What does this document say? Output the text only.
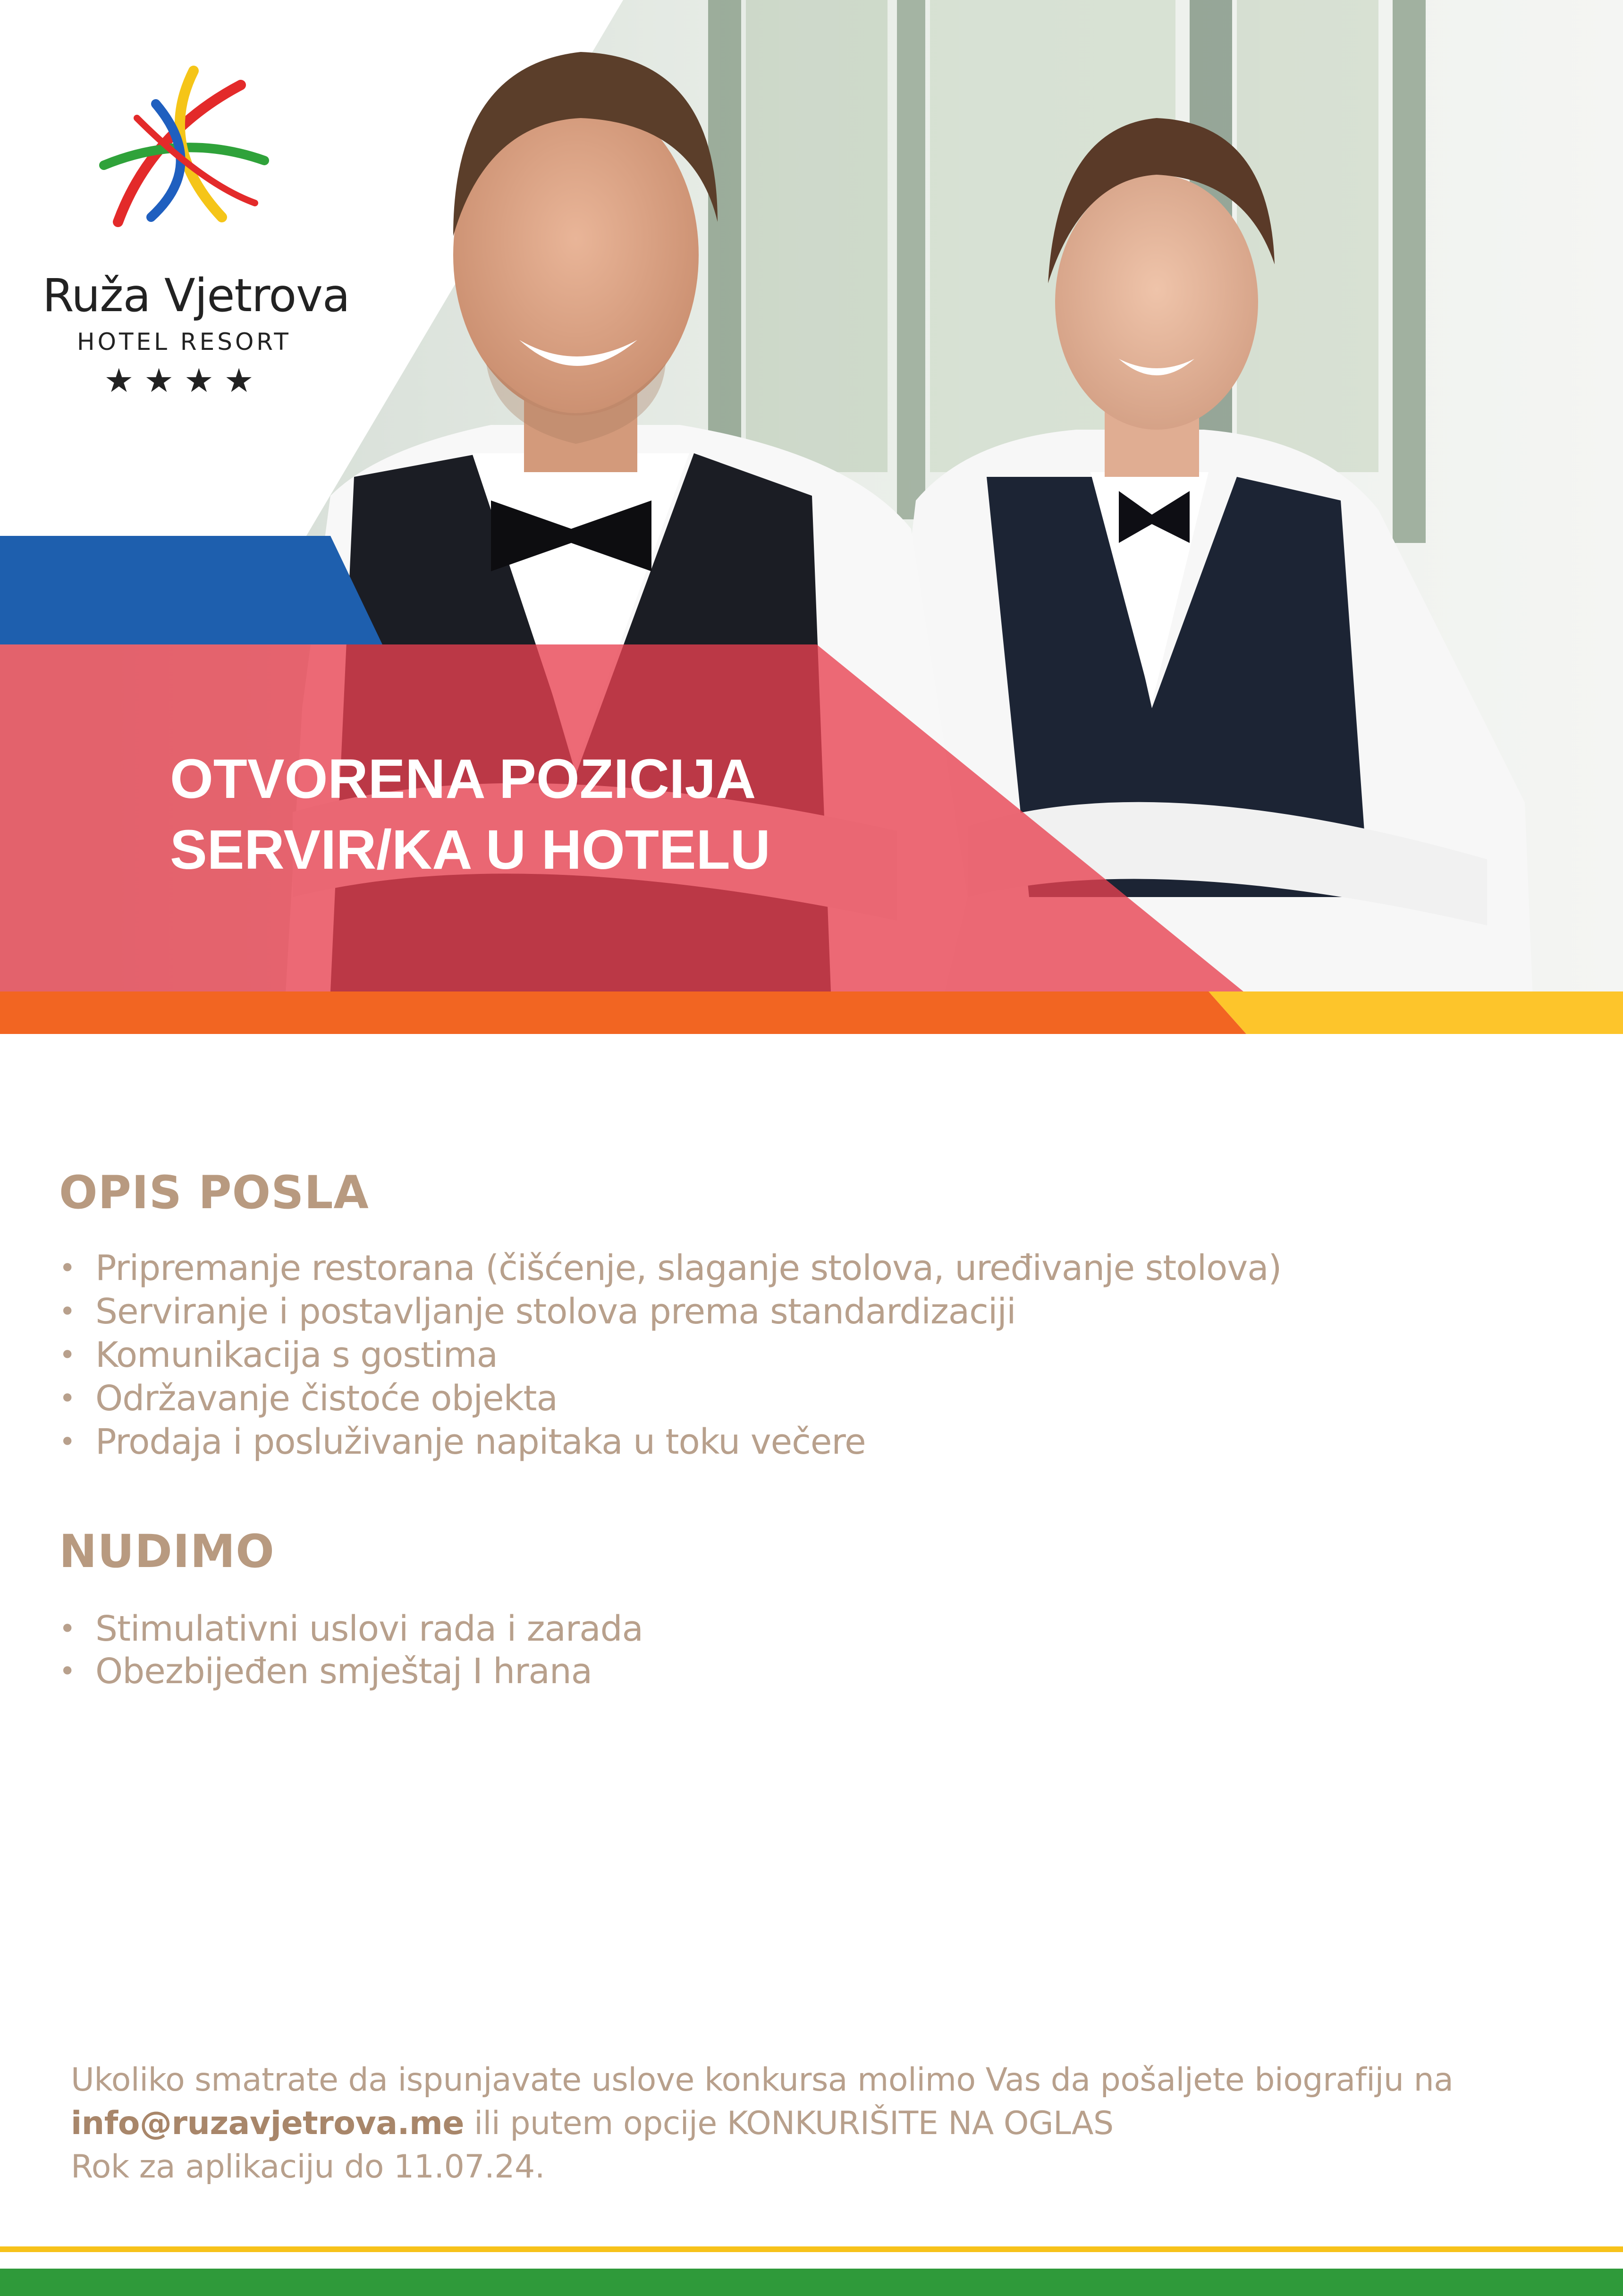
Ruža Vjetrova
HOTEL RESORT
★★★★
OTVORENA POZICIJA
SERVIR/KA U HOTELU
OPIS POSLA
• Pripremanje restorana (čišćenje, slaganje stolova, uređivanje stolova)
• Serviranje i postavljanje stolova prema standardizaciji
• Komunikacija s gostima
• Održavanje čistoće objekta
• Prodaja i posluživanje napitaka u toku večere
NUDIMO
• Stimulativni uslovi rada i zarada
• Obezbijeđen smještaj I hrana
Ukoliko smatrate da ispunjavate uslove konkursa molimo Vas da pošaljete biografiju na
info@ruzavjetrova.me ili putem opcije KONKURIŠITE NA OGLAS
Rok za aplikaciju do 11.07.24.
